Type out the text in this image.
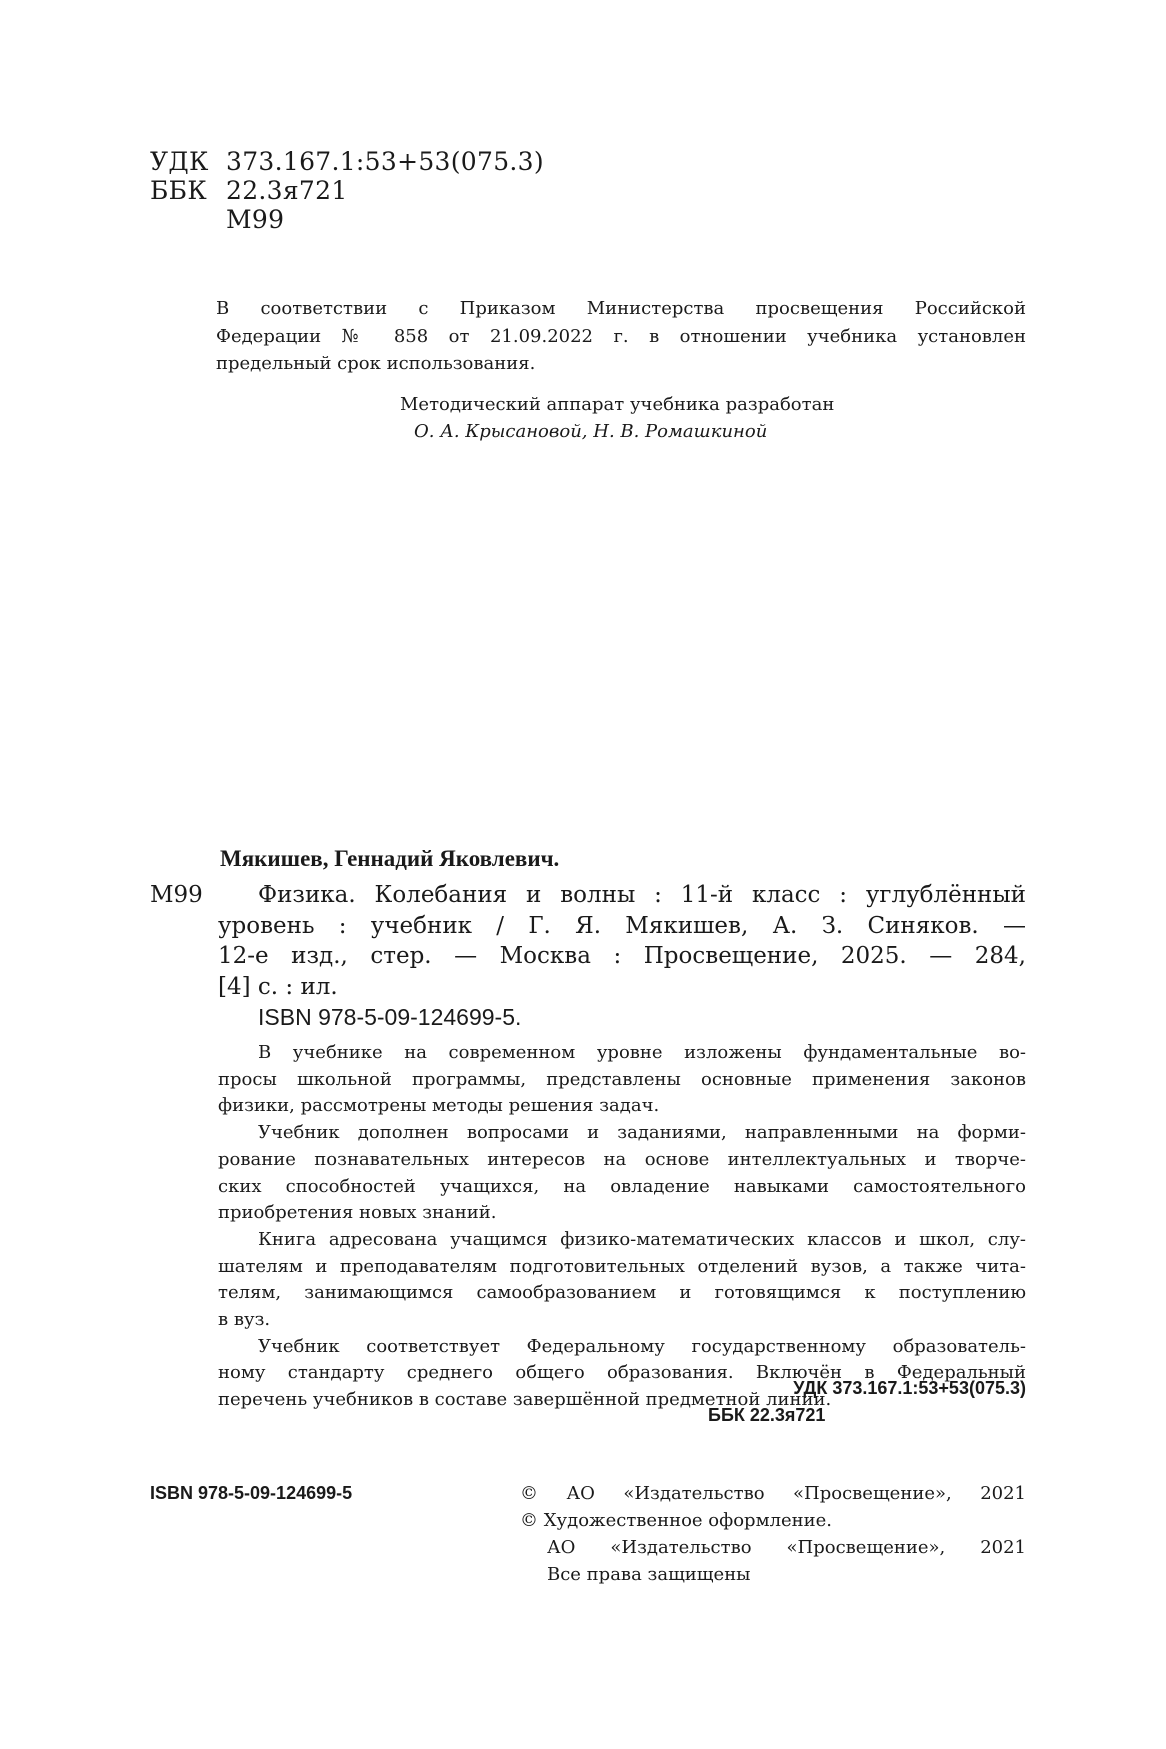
УДК 373.167.1:53+53(075.3)
ББК 22.3я721
М99
В соответствии с Приказом Министерства просвещения Российской
Федерации № 858 от 21.09.2022 г. в отношении учебника установлен
предельный срок использования.
Методический аппарат учебника разработан
О. А. Крысановой, Н. В. Ромашкиной
Мякишев, Геннадий Яковлевич.
М99 Физика. Колебания и волны : 11-й класс : углублённый
уровень : учебник / Г. Я. Мякишев, А. З. Синяков. —
12-е изд., стер. — Москва : Просвещение, 2025. — 284,
[4] с. : ил.
ISBN 978-5-09-124699-5.
В учебнике на современном уровне изложены фундаментальные во-
просы школьной программы, представлены основные применения законов
физики, рассмотрены методы решения задач.
Учебник дополнен вопросами и заданиями, направленными на форми-
рование познавательных интересов на основе интеллектуальных и творче-
ских способностей учащихся, на овладение навыками самостоятельного
приобретения новых знаний.
Книга адресована учащимся физико-математических классов и школ, слу-
шателям и преподавателям подготовительных отделений вузов, а также чита-
телям, занимающимся самообразованием и готовящимся к поступлению
в вуз.
Учебник соответствует Федеральному государственному образователь-
ному стандарту среднего общего образования. Включён в Федеральный
перечень учебников в составе завершённой предметной линии.
УДК 373.167.1:53+53(075.3)
ББК 22.3я721
ISBN 978-5-09-124699-5	© АО «Издательство «Просвещение», 2021
© Художественное оформление.
АО «Издательство «Просвещение», 2021
Все права защищены
